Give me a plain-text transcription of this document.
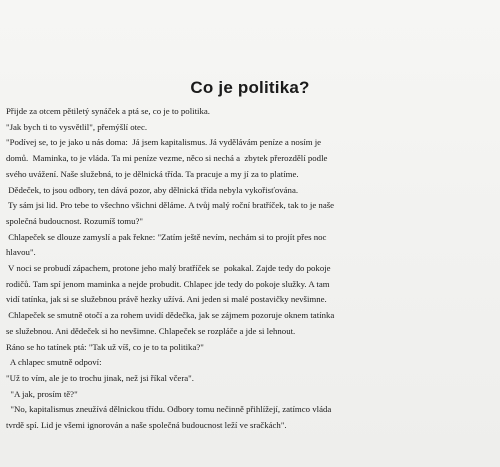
Co je politika?
Přijde za otcem pětiletý synáček a ptá se, co je to politika.
"Jak bych ti to vysvětlil", přemýšlí otec.
"Podívej se, to je jako u nás doma:  Já jsem kapitalismus. Já vydělávám peníze a nosím je
domů.  Maminka, to je vláda. Ta mi peníze vezme, něco si nechá a  zbytek přerozdělí podle
svého uvážení. Naše služebná, to je dělnická třída. Ta pracuje a my jí za to platíme.
Dědeček, to jsou odbory, ten dává pozor, aby dělnická třída nebyla vykořisťována.
Ty sám jsi lid. Pro tebe to všechno všichni děláme. A tvůj malý roční bratříček, tak to je naše
společná budoucnost. Rozumíš tomu?"
Chlapeček se dlouze zamyslí a pak řekne: "Zatím ještě nevím, nechám si to projít přes noc
hlavou".
V noci se probudí zápachem, protone jeho malý bratříček se  pokakal. Zajde tedy do pokoje
rodičů. Tam spí jenom maminka a nejde probudit. Chlapec jde tedy do pokoje služky. A tam
vidí tatínka, jak si se služebnou právě hezky užívá. Ani jeden si malé postavičky nevšimne.
Chlapeček se smutně otočí a za rohem uvidí dědečka, jak se zájmem pozoruje oknem tatínka
se služebnou. Ani dědeček si ho nevšimne. Chlapeček se rozpláče a jde si lehnout.
Ráno se ho tatínek ptá: "Tak už víš, co je to ta politika?"
A chlapec smutně odpoví:
"Už to vím, ale je to trochu jinak, než jsi říkal včera".
"A jak, prosím tě?"
"No, kapitalismus zneužívá dělnickou třídu. Odbory tomu nečinně přihlížejí, zatímco vláda
tvrdě spí. Lid je všemi ignorován a naše společná budoucnost leží ve sračkách".
